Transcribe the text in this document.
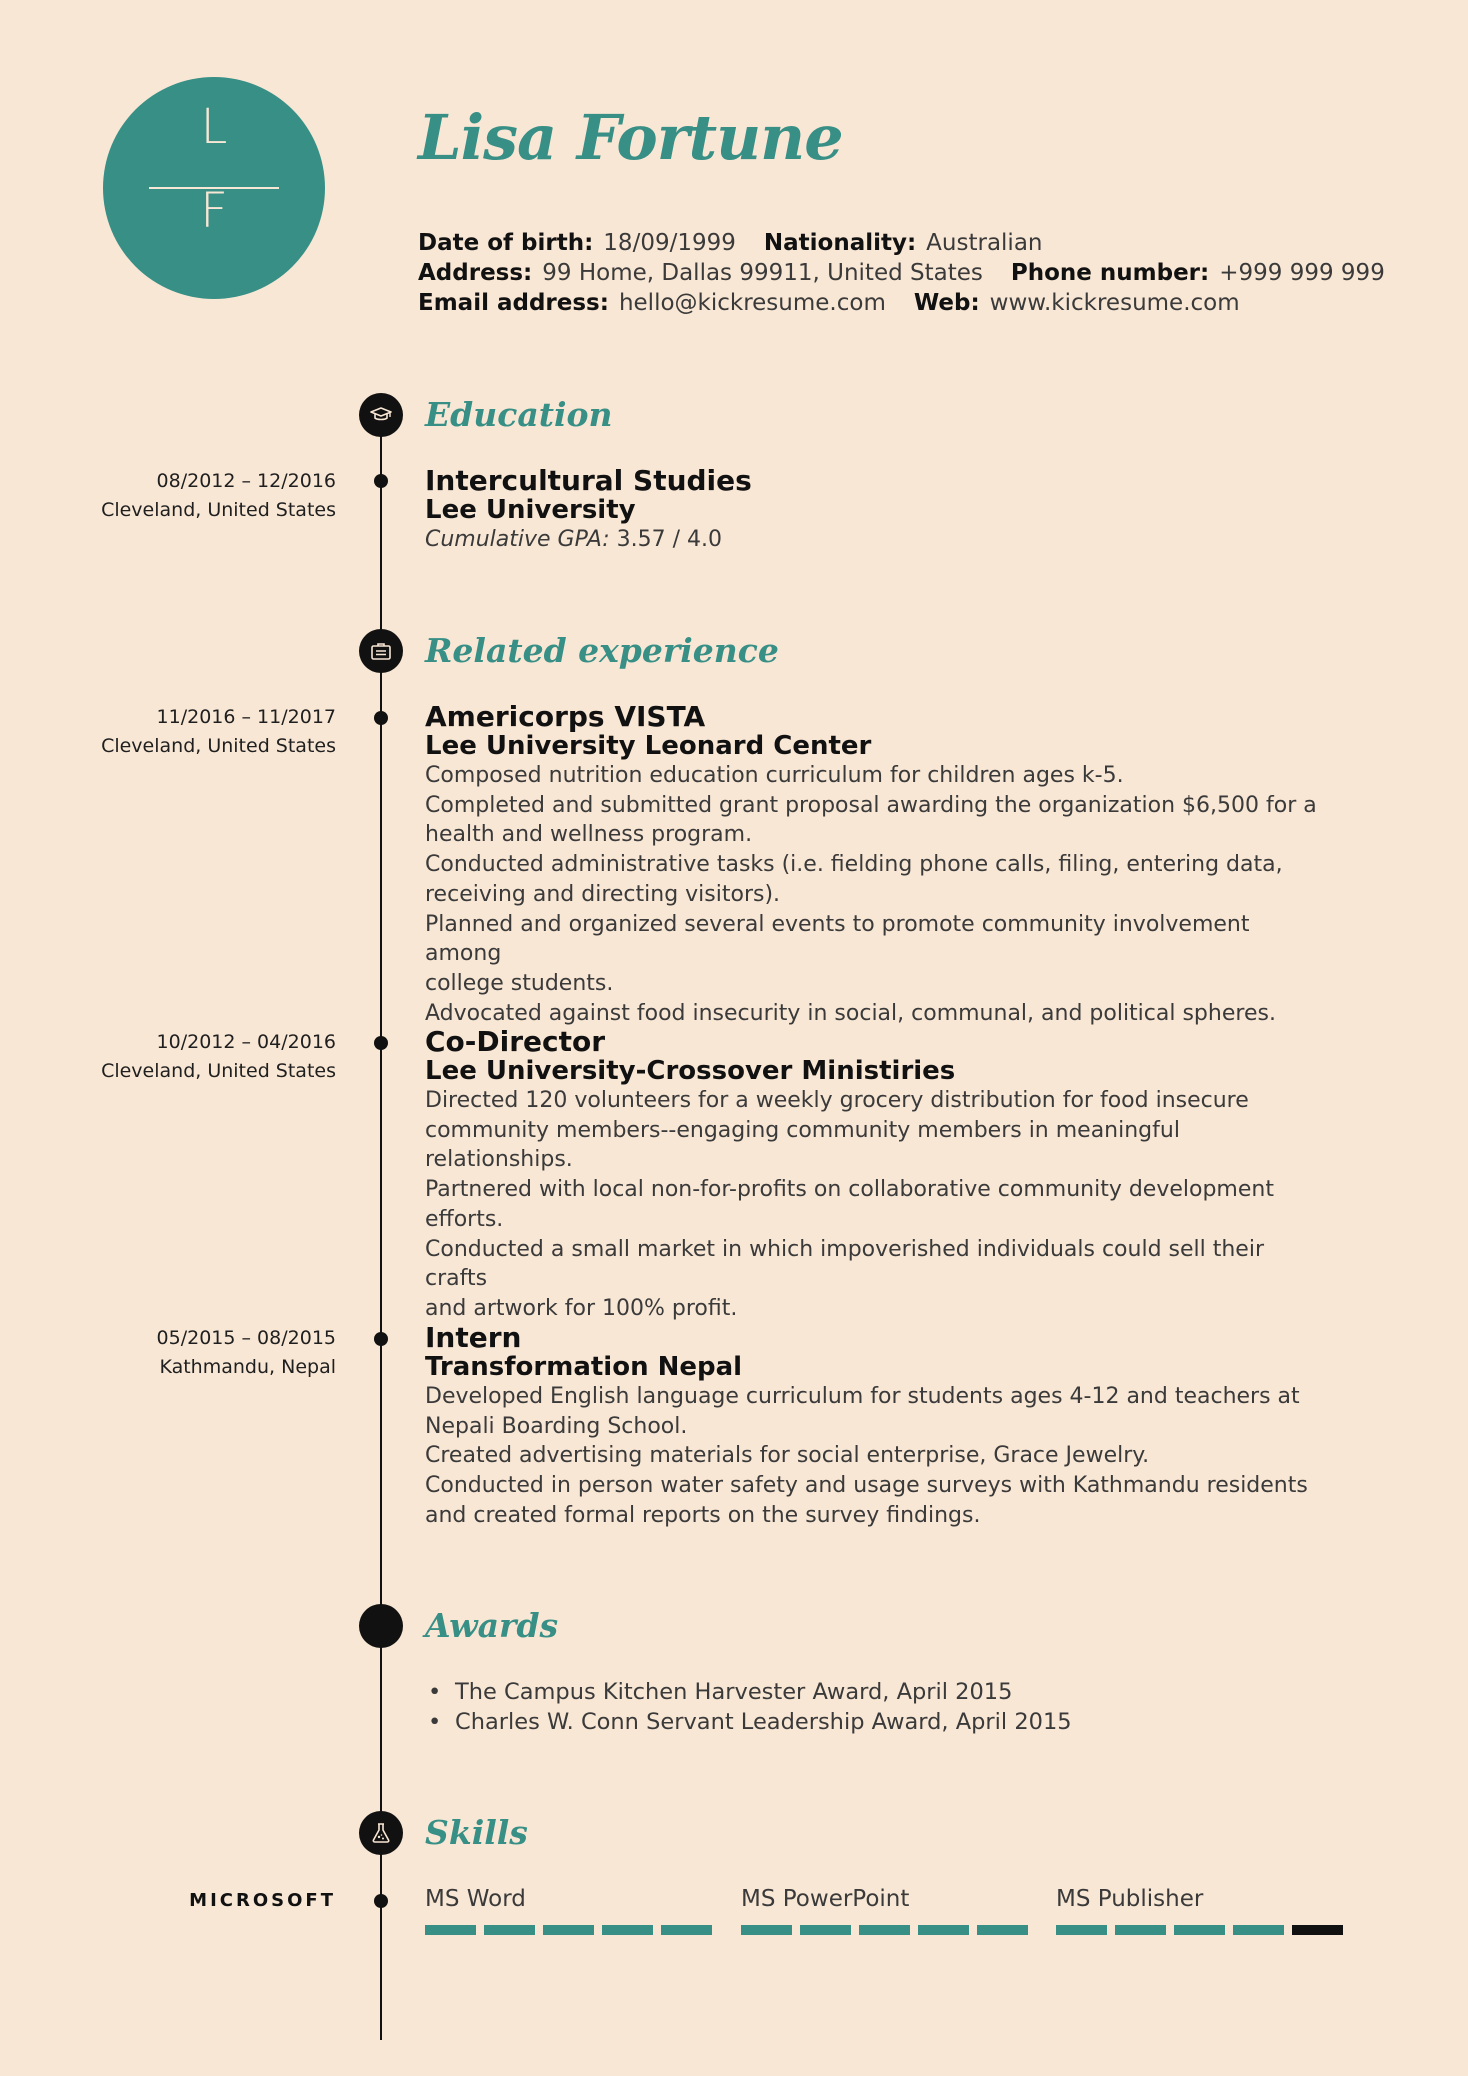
L
F
Lisa Fortune
Date of birth: 18/09/1999 Nationality: Australian
Address: 99 Home, Dallas 99911, United States Phone number: +999 999 999
Email address: hello@kickresume.com Web: www.kickresume.com
Education
08/2012 – 12/2016
Cleveland, United States
Intercultural Studies
Lee University
Cumulative GPA: 3.57 / 4.0
Related experience
11/2016 – 11/2017
Cleveland, United States
Americorps VISTA
Lee University Leonard Center
Composed nutrition education curriculum for children ages k-5.
Completed and submitted grant proposal awarding the organization $6,500 for a
health and wellness program.
Conducted administrative tasks (i.e. fielding phone calls, filing, entering data,
receiving and directing visitors).
Planned and organized several events to promote community involvement among
college students.
Advocated against food insecurity in social, communal, and political spheres.
10/2012 – 04/2016
Cleveland, United States
Co-Director
Lee University-Crossover Ministiries
Directed 120 volunteers for a weekly grocery distribution for food insecure
community members--engaging community members in meaningful
relationships.
Partnered with local non-for-profits on collaborative community development
efforts.
Conducted a small market in which impoverished individuals could sell their crafts
and artwork for 100% profit.
05/2015 – 08/2015
Kathmandu, Nepal
Intern
Transformation Nepal
Developed English language curriculum for students ages 4-12 and teachers at
Nepali Boarding School.
Created advertising materials for social enterprise, Grace Jewelry.
Conducted in person water safety and usage surveys with Kathmandu residents
and created formal reports on the survey findings.
Awards
• The Campus Kitchen Harvester Award, April 2015
• Charles W. Conn Servant Leadership Award, April 2015
Skills
MICROSOFT	MS Word	MS PowerPoint	MS Publisher
